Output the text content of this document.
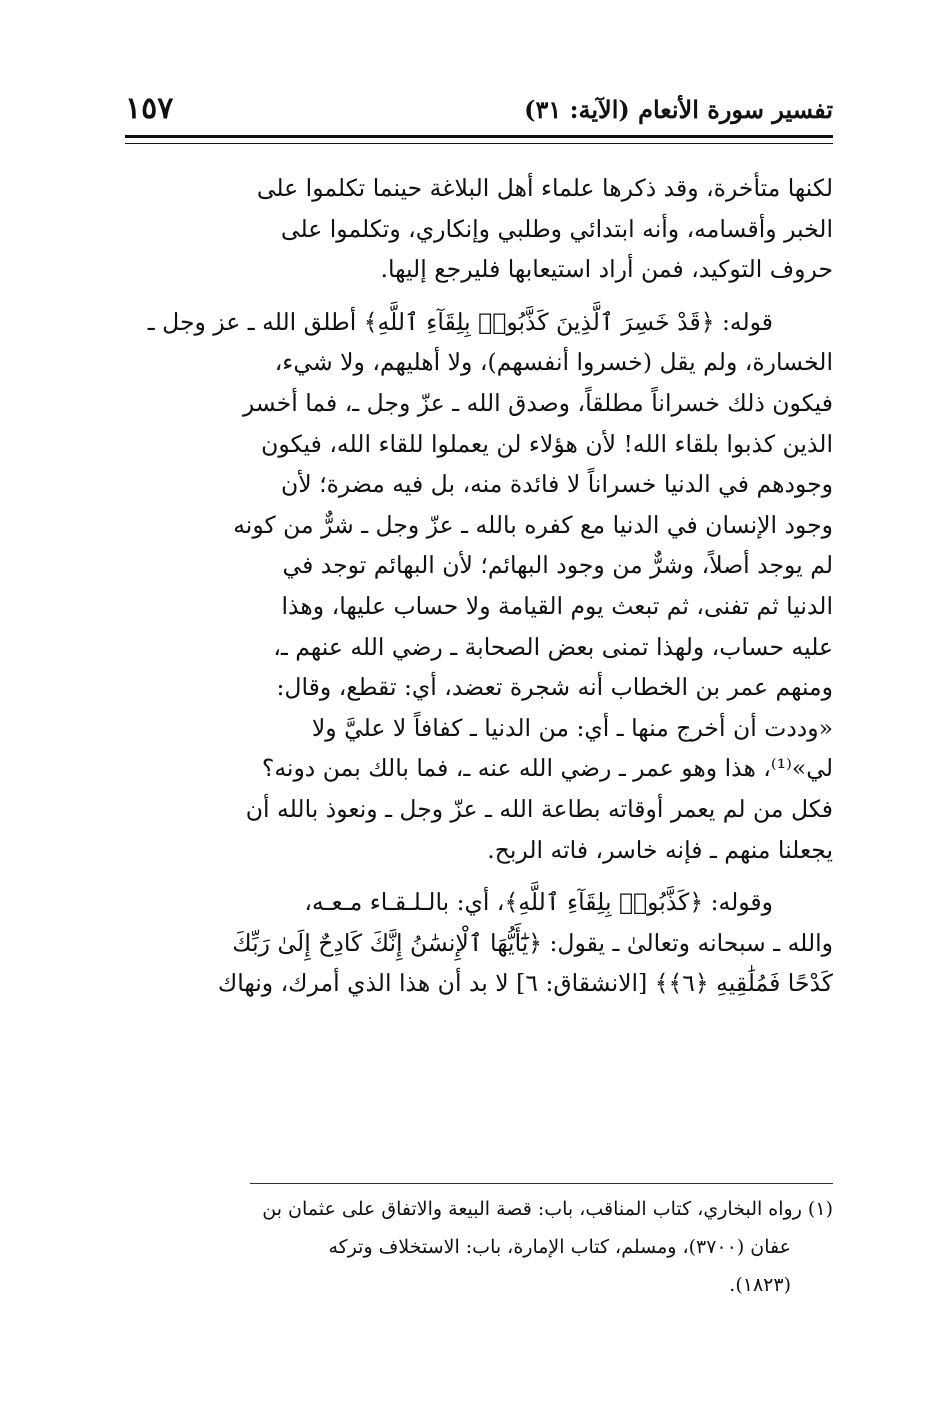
تفسير سورة الأنعام (الآية: ٣١)
١٥٧
لكنها متأخرة، وقد ذكرها علماء أهل البلاغة حينما تكلموا على
الخبر وأقسامه، وأنه ابتدائي وطلبي وإنكاري، وتكلموا على
حروف التوكيد، فمن أراد استيعابها فليرجع إليها.
قوله: ﴿قَدْ خَسِرَ ٱلَّذِينَ كَذَّبُوا۟ بِلِقَآءِ ٱللَّهِ﴾ أطلق الله ـ عز وجل ـ
الخسارة، ولم يقل (خسروا أنفسهم)، ولا أهليهم، ولا شيء،
فيكون ذلك خسراناً مطلقاً، وصدق الله ـ عزّ وجل ـ، فما أخسر
الذين كذبوا بلقاء الله! لأن هؤلاء لن يعملوا للقاء الله، فيكون
وجودهم في الدنيا خسراناً لا فائدة منه، بل فيه مضرة؛ لأن
وجود الإنسان في الدنيا مع كفره بالله ـ عزّ وجل ـ شرٌّ من كونه
لم يوجد أصلاً، وشرٌّ من وجود البهائم؛ لأن البهائم توجد في
الدنيا ثم تفنى، ثم تبعث يوم القيامة ولا حساب عليها، وهذا
عليه حساب، ولهذا تمنى بعض الصحابة ـ رضي الله عنهم ـ،
ومنهم عمر بن الخطاب أنه شجرة تعضد، أي: تقطع، وقال:
«وددت أن أخرج منها ـ أي: من الدنيا ـ كفافاً لا عليَّ ولا
لي»⁽¹⁾، هذا وهو عمر ـ رضي الله عنه ـ، فما بالك بمن دونه؟
فكل من لم يعمر أوقاته بطاعة الله ـ عزّ وجل ـ ونعوذ بالله أن
يجعلنا منهم ـ فإنه خاسر، فاته الربح.
وقوله: ﴿كَذَّبُوا۟ بِلِقَآءِ ٱللَّهِ﴾، أي: بالـلـقـاء مـعـه،
والله ـ سبحانه وتعالىٰ ـ يقول: ﴿يَٰٓأَيُّهَا ٱلْإِنسَٰنُ إِنَّكَ كَادِحٌ إِلَىٰ رَبِّكَ
كَدْحًا فَمُلَٰقِيهِ ﴿٦﴾﴾ [الانشقاق: ٦] لا بد أن هذا الذي أمرك، ونهاك
(١) رواه البخاري، كتاب المناقب، باب: قصة البيعة والاتفاق على عثمان بن
عفان (٣٧٠٠)، ومسلم، كتاب الإمارة، باب: الاستخلاف وتركه
(١٨٢٣).
